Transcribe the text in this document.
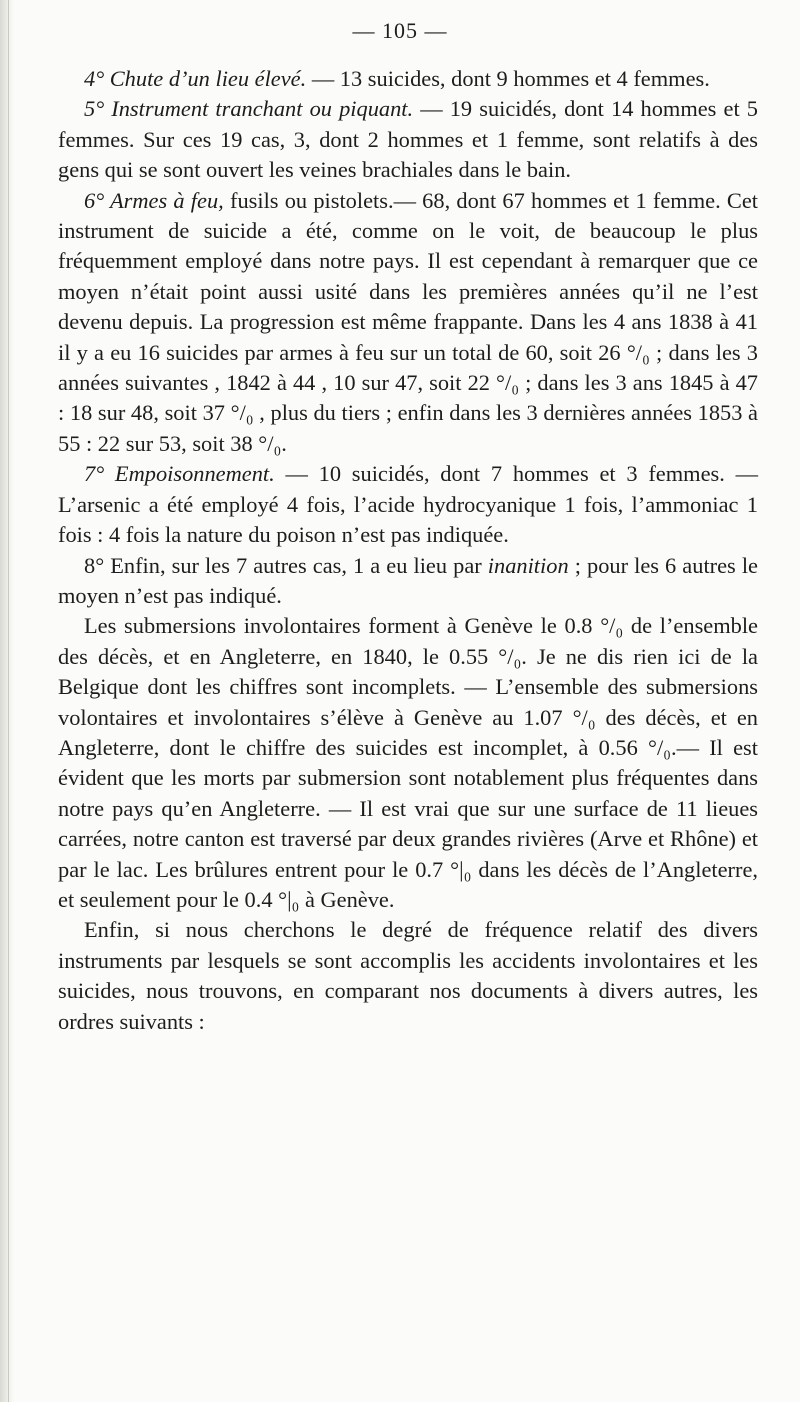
— 105 —

4° Chute d’un lieu élevé. — 13 suicides, dont 9 hommes et 4 femmes.

5° Instrument tranchant ou piquant. — 19 suicidés, dont 14 hommes et 5 femmes. Sur ces 19 cas, 3, dont 2 hommes et 1 femme, sont relatifs à des gens qui se sont ouvert les veines brachiales dans le bain.

6° Armes à feu, fusils ou pistolets.— 68, dont 67 hommes et 1 femme. Cet instrument de suicide a été, comme on le voit, de beaucoup le plus fréquemment employé dans notre pays. Il est cependant à remarquer que ce moyen n’était point aussi usité dans les premières années qu’il ne l’est devenu depuis. La progression est même frappante. Dans les 4 ans 1838 à 41 il y a eu 16 suicides par armes à feu sur un total de 60, soit 26 °/₀ ; dans les 3 années suivantes , 1842 à 44 , 10 sur 47, soit 22 °/₀ ; dans les 3 ans 1845 à 47 : 18 sur 48, soit 37 °/₀ , plus du tiers ; enfin dans les 3 dernières années 1853 à 55 : 22 sur 53, soit 38 °/₀.

7° Empoisonnement. — 10 suicidés, dont 7 hommes et 3 femmes. — L’arsenic a été employé 4 fois, l’acide hydrocyanique 1 fois, l’ammoniac 1 fois : 4 fois la nature du poison n’est pas indiquée.

8° Enfin, sur les 7 autres cas, 1 a eu lieu par inanition ; pour les 6 autres le moyen n’est pas indiqué.

Les submersions involontaires forment à Genève le 0.8 °/₀ de l’ensemble des décès, et en Angleterre, en 1840, le 0.55 °/₀. Je ne dis rien ici de la Belgique dont les chiffres sont incomplets. — L’ensemble des submersions volontaires et involontaires s’élève à Genève au 1.07 °/₀ des décès, et en Angleterre, dont le chiffre des suicides est incomplet, à 0.56 °/₀.— Il est évident que les morts par submersion sont notablement plus fréquentes dans notre pays qu’en Angleterre. — Il est vrai que sur une surface de 11 lieues carrées, notre canton est traversé par deux grandes rivières (Arve et Rhône) et par le lac. Les brûlures entrent pour le 0.7 °|₀ dans les décès de l’Angleterre, et seulement pour le 0.4 °|₀ à Genève.

Enfin, si nous cherchons le degré de fréquence relatif des divers instruments par lesquels se sont accomplis les accidents involontaires et les suicides, nous trouvons, en comparant nos documents à divers autres, les ordres suivants :
